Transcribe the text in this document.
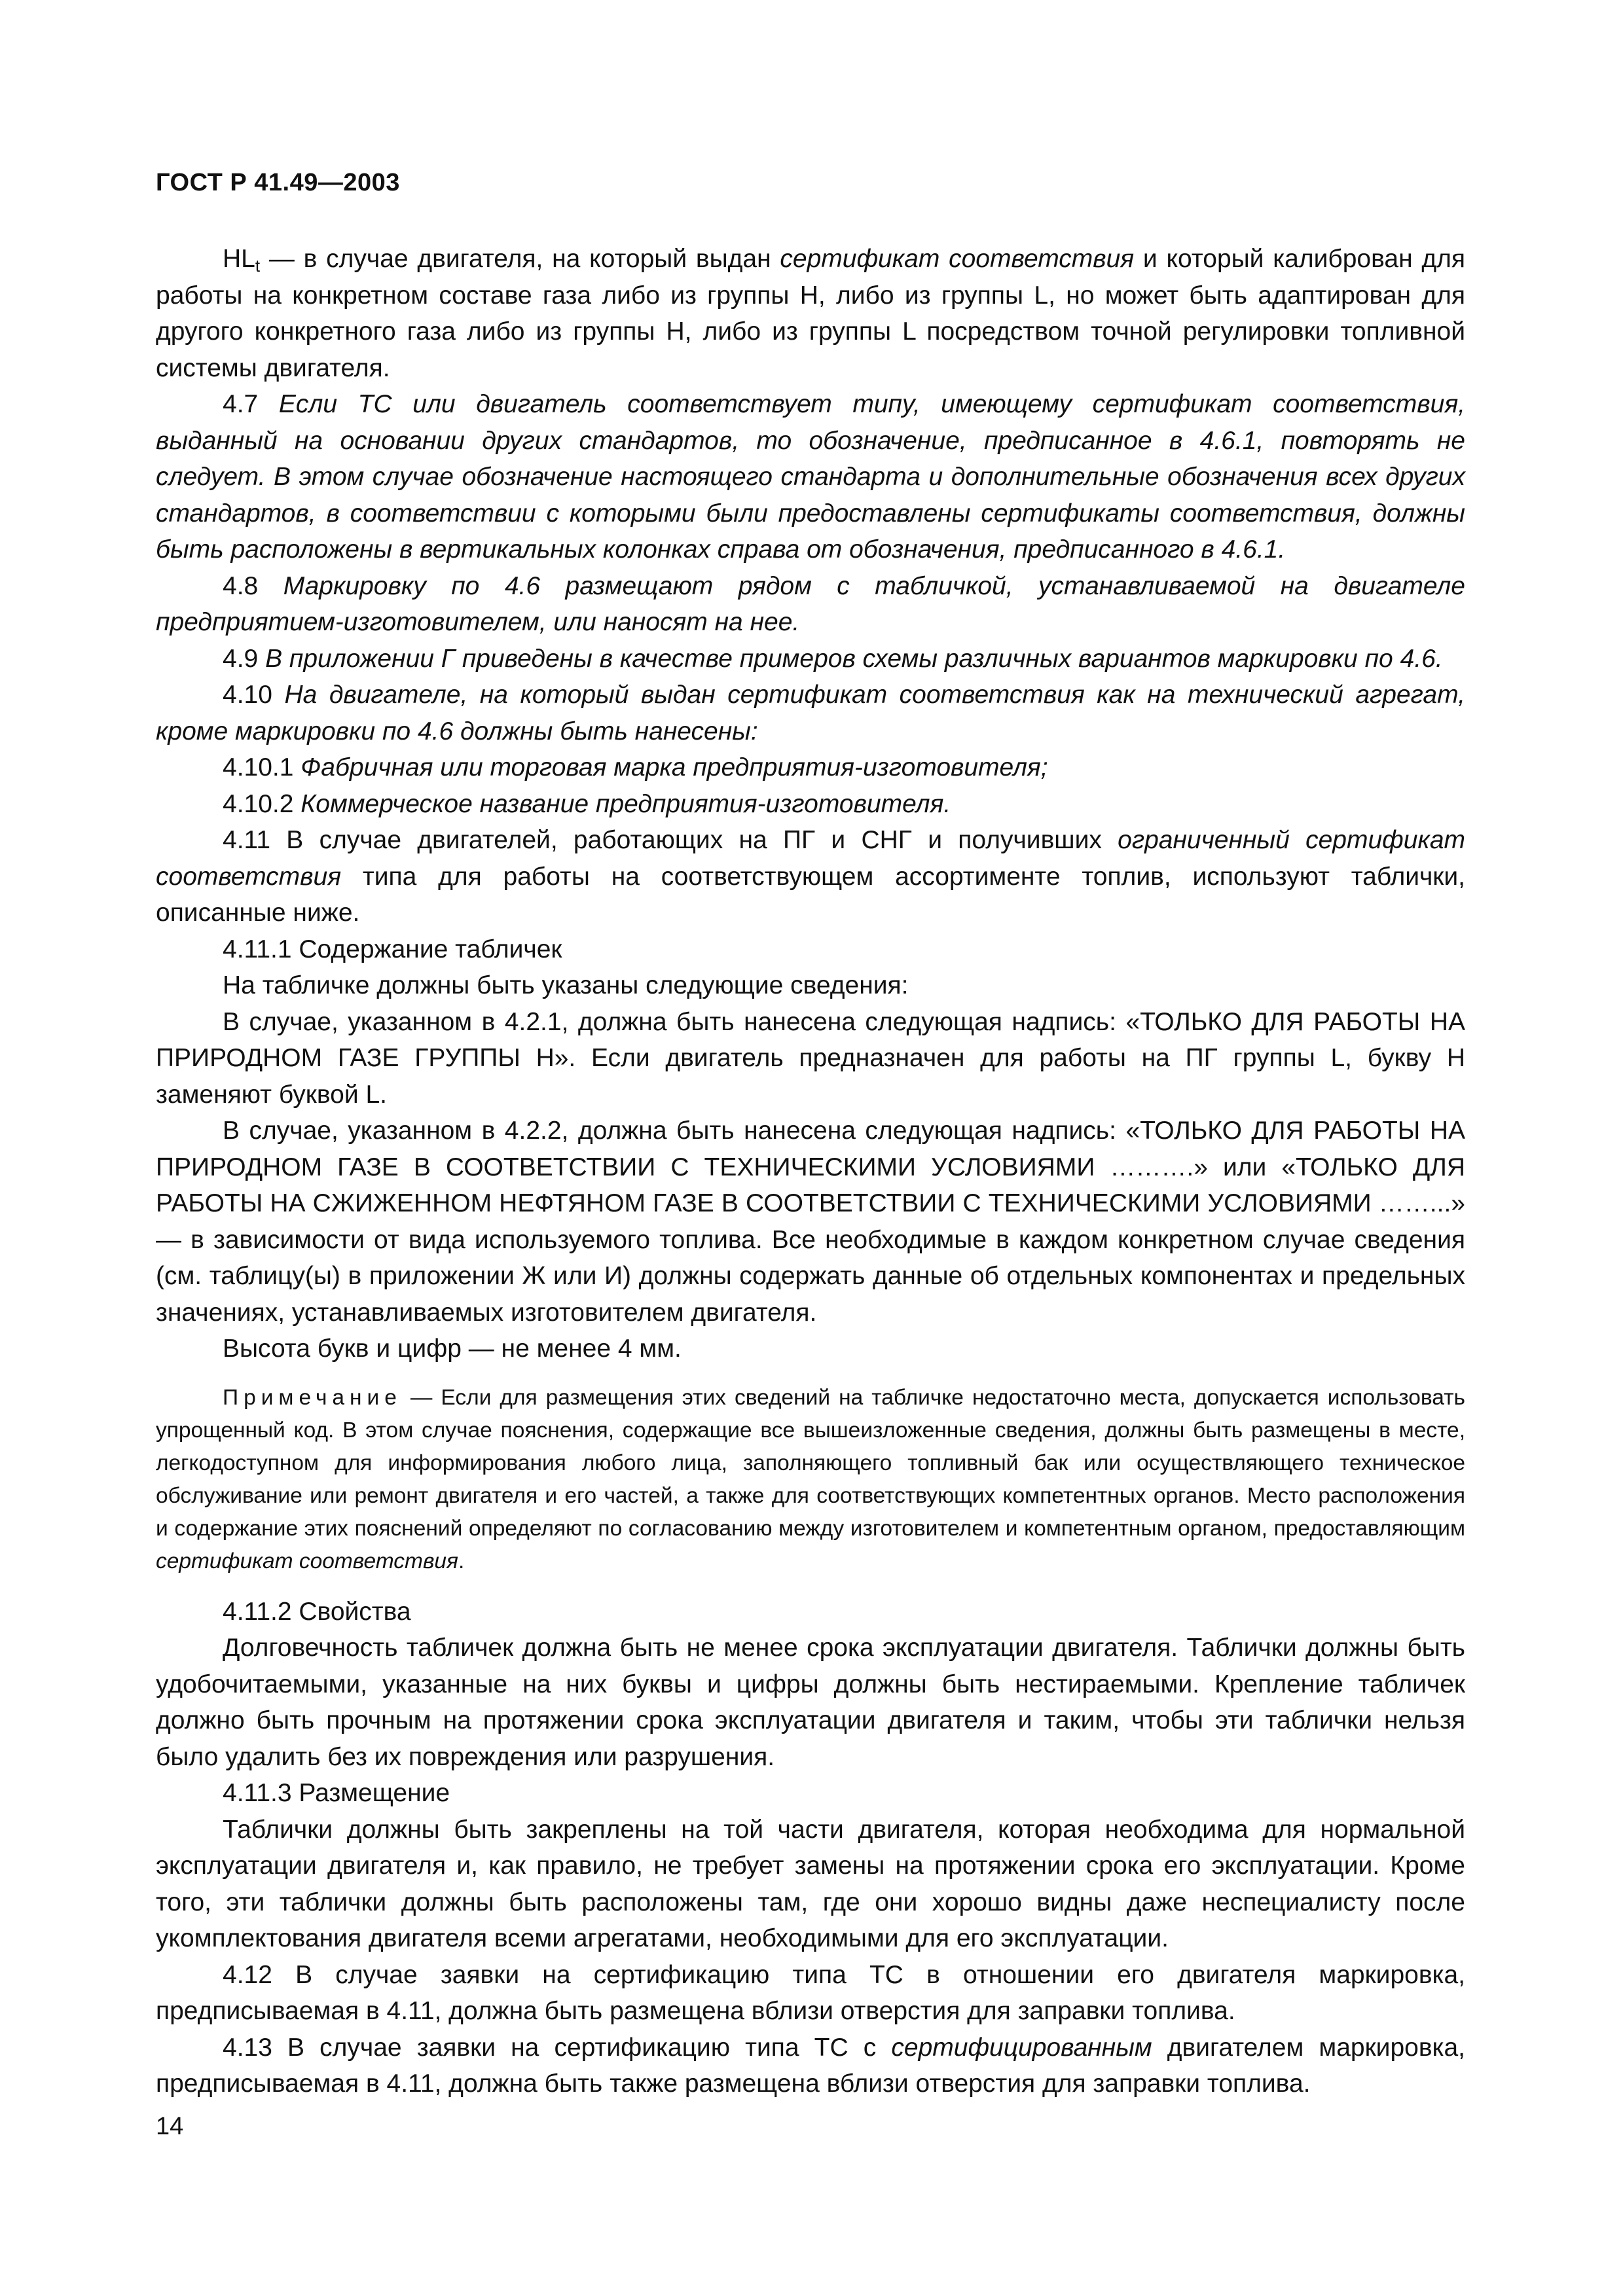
ГОСТ Р 41.49—2003

$HL_t$ — в случае двигателя, на который выдан сертификат соответствия и который калиброван для работы на конкретном составе газа либо из группы H, либо из группы L, но может быть адаптирован для другого конкретного газа либо из группы H, либо из группы L посредством точной регулировки топливной системы двигателя.

4.7 Если ТС или двигатель соответствует типу, имеющему сертификат соответствия, выданный на основании других стандартов, то обозначение, предписанное в 4.6.1, повторять не следует. В этом случае обозначение настоящего стандарта и дополнительные обозначения всех других стандартов, в соответствии с которыми были предоставлены сертификаты соответствия, должны быть расположены в вертикальных колонках справа от обозначения, предписанного в 4.6.1.

4.8 Маркировку по 4.6 размещают рядом с табличкой, устанавливаемой на двигателе предприятием-изготовителем, или наносят на нее.

4.9 В приложении Г приведены в качестве примеров схемы различных вариантов маркировки по 4.6.

4.10 На двигателе, на который выдан сертификат соответствия как на технический агрегат, кроме маркировки по 4.6 должны быть нанесены:

4.10.1 Фабричная или торговая марка предприятия-изготовителя;

4.10.2 Коммерческое название предприятия-изготовителя.

4.11 В случае двигателей, работающих на ПГ и СНГ и получивших ограниченный сертификат соответствия типа для работы на соответствующем ассортименте топлив, используют таблички, описанные ниже.

4.11.1 Содержание табличек

На табличке должны быть указаны следующие сведения:

В случае, указанном в 4.2.1, должна быть нанесена следующая надпись: «ТОЛЬКО ДЛЯ РАБОТЫ НА ПРИРОДНОМ ГАЗЕ ГРУППЫ H». Если двигатель предназначен для работы на ПГ группы L, букву H заменяют буквой L.

В случае, указанном в 4.2.2, должна быть нанесена следующая надпись: «ТОЛЬКО ДЛЯ РАБОТЫ НА ПРИРОДНОМ ГАЗЕ В СООТВЕТСТВИИ С ТЕХНИЧЕСКИМИ УСЛОВИЯМИ ……….» или «ТОЛЬКО ДЛЯ РАБОТЫ НА СЖИЖЕННОМ НЕФТЯНОМ ГАЗЕ В СООТВЕТСТВИИ С ТЕХНИЧЕСКИМИ УСЛОВИЯМИ ……...» — в зависимости от вида используемого топлива. Все необходимые в каждом конкретном случае сведения (см. таблицу(ы) в приложении Ж или И) должны содержать данные об отдельных компонентах и предельных значениях, устанавливаемых изготовителем двигателя.

Высота букв и цифр — не менее 4 мм.

Примечание — Если для размещения этих сведений на табличке недостаточно места, допускается использовать упрощенный код. В этом случае пояснения, содержащие все вышеизложенные сведения, должны быть размещены в месте, легкодоступном для информирования любого лица, заполняющего топливный бак или осуществляющего техническое обслуживание или ремонт двигателя и его частей, а также для соответствующих компетентных органов. Место расположения и содержание этих пояснений определяют по согласованию между изготовителем и компетентным органом, предоставляющим сертификат соответствия.

4.11.2 Свойства

Долговечность табличек должна быть не менее срока эксплуатации двигателя. Таблички должны быть удобочитаемыми, указанные на них буквы и цифры должны быть нестираемыми. Крепление табличек должно быть прочным на протяжении срока эксплуатации двигателя и таким, чтобы эти таблички нельзя было удалить без их повреждения или разрушения.

4.11.3 Размещение

Таблички должны быть закреплены на той части двигателя, которая необходима для нормальной эксплуатации двигателя и, как правило, не требует замены на протяжении срока его эксплуатации. Кроме того, эти таблички должны быть расположены там, где они хорошо видны даже неспециалисту после укомплектования двигателя всеми агрегатами, необходимыми для его эксплуатации.

4.12 В случае заявки на сертификацию типа ТС в отношении его двигателя маркировка, предписываемая в 4.11, должна быть размещена вблизи отверстия для заправки топлива.

4.13 В случае заявки на сертификацию типа ТС с сертифицированным двигателем маркировка, предписываемая в 4.11, должна быть также размещена вблизи отверстия для заправки топлива.

14
